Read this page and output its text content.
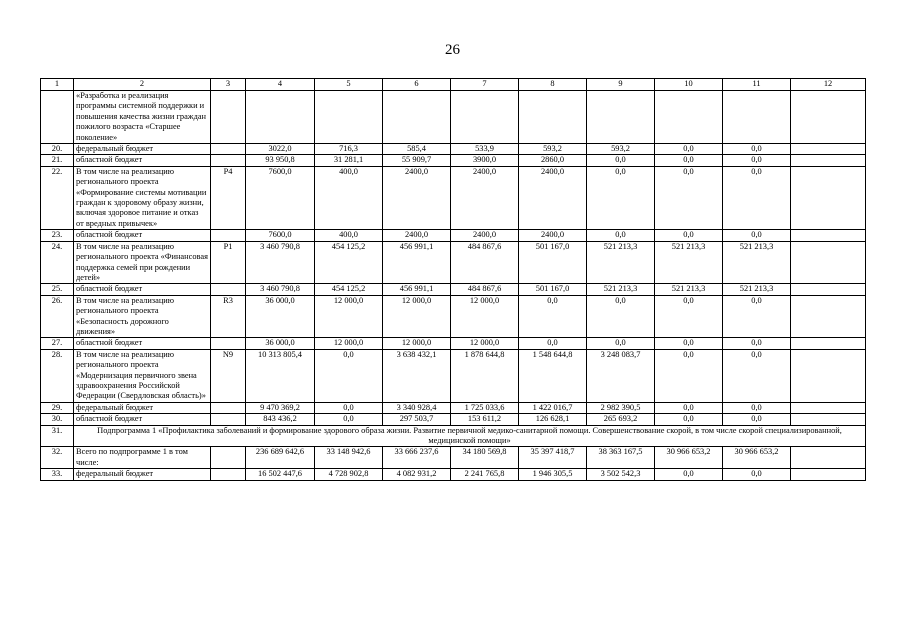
26
1	2	3	4	5	6	7	8	9	10	11	12
	«Разработка и реализация программы системной поддержки и повышения качества жизни граждан пожилого возраста «Старшее поколение»										
20.	федеральный бюджет		3022,0	716,3	585,4	533,9	593,2	593,2	0,0	0,0	
21.	областной бюджет		93 950,8	31 281,1	55 909,7	3900,0	2860,0	0,0	0,0	0,0	
22.	В том числе на реализацию регионального проекта «Формирование системы мотивации граждан к здоровому образу жизни, включая здоровое питание и отказ от вредных привычек»	P4	7600,0	400,0	2400,0	2400,0	2400,0	0,0	0,0	0,0	
23.	областной бюджет		7600,0	400,0	2400,0	2400,0	2400,0	0,0	0,0	0,0	
24.	В том числе на реализацию регионального проекта «Финансовая поддержка семей при рождении детей»	P1	3 460 790,8	454 125,2	456 991,1	484 867,6	501 167,0	521 213,3	521 213,3	521 213,3	
25.	областной бюджет		3 460 790,8	454 125,2	456 991,1	484 867,6	501 167,0	521 213,3	521 213,3	521 213,3	
26.	В том числе на реализацию регионального проекта «Безопасность дорожного движения»	R3	36 000,0	12 000,0	12 000,0	12 000,0	0,0	0,0	0,0	0,0	
27.	областной бюджет		36 000,0	12 000,0	12 000,0	12 000,0	0,0	0,0	0,0	0,0	
28.	В том числе на реализацию регионального проекта «Модернизация первичного звена здравоохранения Российской Федерации (Свердловская область)»	N9	10 313 805,4	0,0	3 638 432,1	1 878 644,8	1 548 644,8	3 248 083,7	0,0	0,0	
29.	федеральный бюджет		9 470 369,2	0,0	3 340 928,4	1 725 033,6	1 422 016,7	2 982 390,5	0,0	0,0	
30.	областной бюджет		843 436,2	0,0	297 503,7	153 611,2	126 628,1	265 693,2	0,0	0,0	
31.	Подпрограмма 1 «Профилактика заболеваний и формирование здорового образа жизни. Развитие первичной медико-санитарной помощи. Совершенствование скорой, в том числе скорой специализированной, медицинской помощи»										
32.	Всего по подпрограмме 1 в том числе:		236 689 642,6	33 148 942,6	33 666 237,6	34 180 569,8	35 397 418,7	38 363 167,5	30 966 653,2	30 966 653,2	
33.	федеральный бюджет		16 502 447,6	4 728 902,8	4 082 931,2	2 241 765,8	1 946 305,5	3 502 542,3	0,0	0,0	
